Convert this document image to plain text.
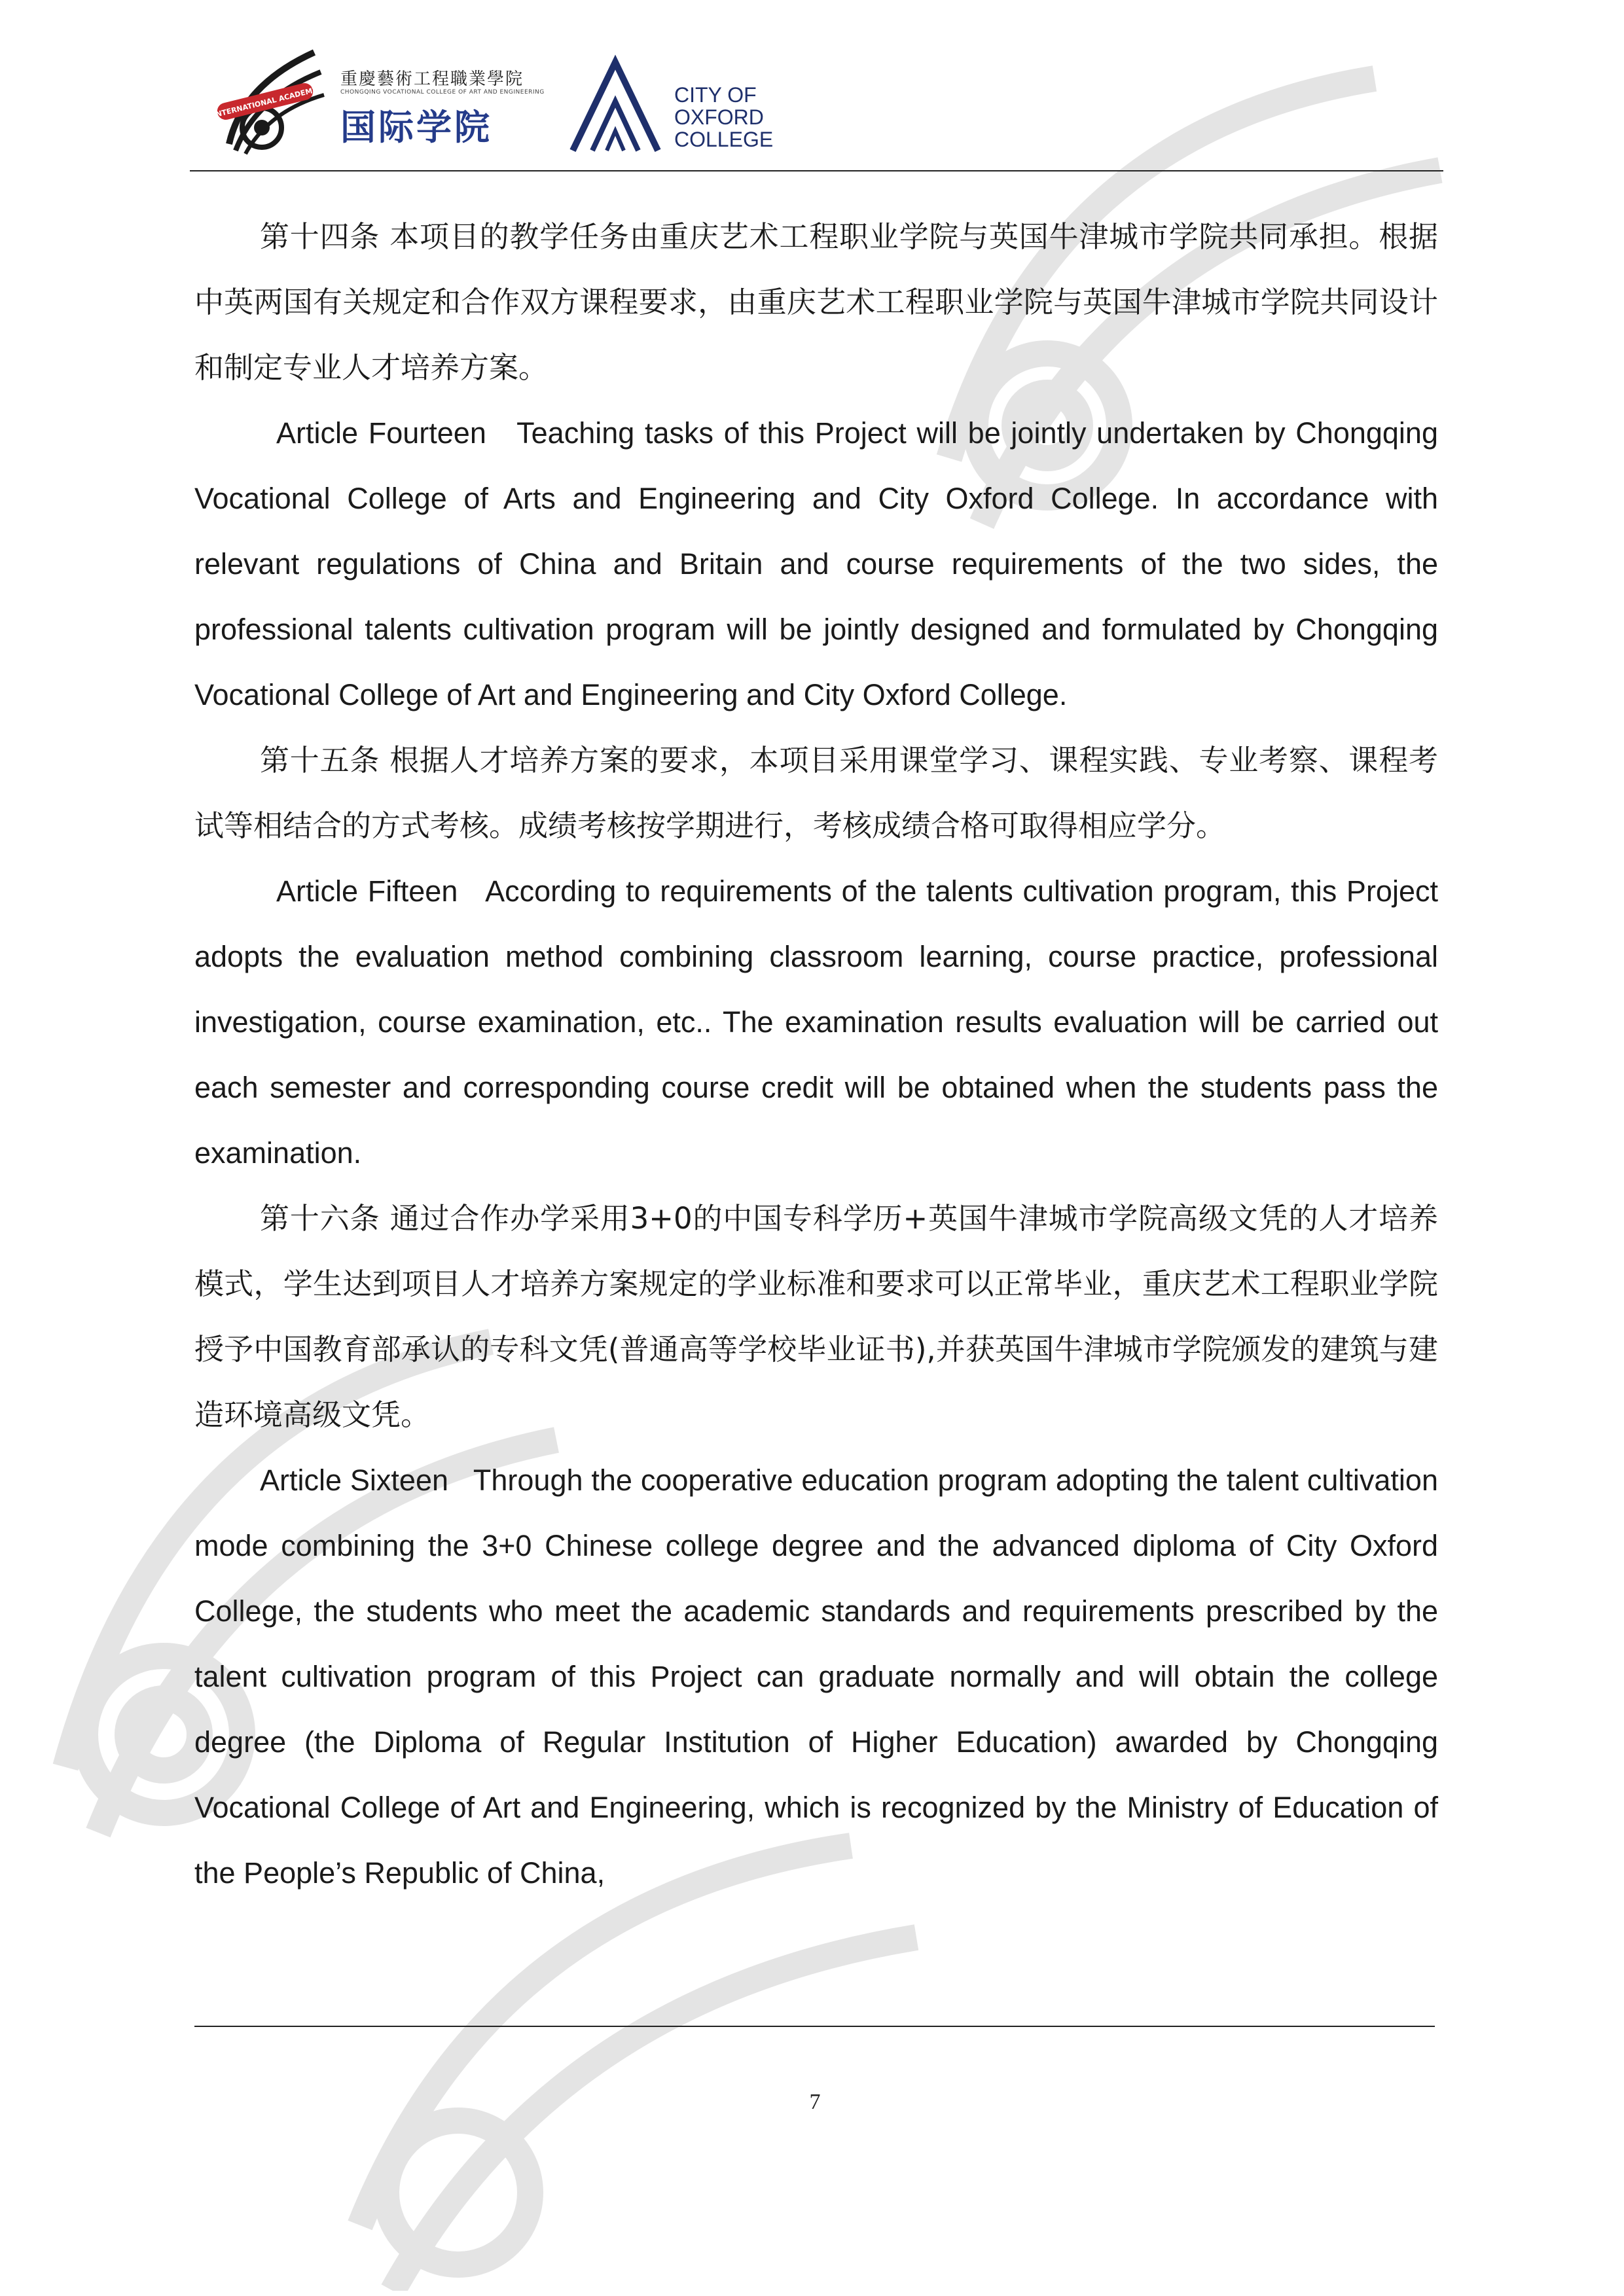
INTERNATIONAL ACADEMY
重慶藝術工程職業學院
CHONGQING VOCATIONAL COLLEGE OF ART AND ENGINEERING
国际学院
CITY OF
OXFORD
COLLEGE

第十四条 本项目的教学任务由重庆艺术工程职业学院与英国牛津城市学院共同承担。根据中英两国有关规定和合作双方课程要求，由重庆艺术工程职业学院与英国牛津城市学院共同设计和制定专业人才培养方案。

Article Fourteen Teaching tasks of this Project will be jointly undertaken by Chongqing Vocational College of Arts and Engineering and City Oxford College. In accordance with relevant regulations of China and Britain and course requirements of the two sides, the professional talents cultivation program will be jointly designed and formulated by Chongqing Vocational College of Art and Engineering and City Oxford College.

第十五条 根据人才培养方案的要求，本项目采用课堂学习、课程实践、专业考察、课程考试等相结合的方式考核。成绩考核按学期进行，考核成绩合格可取得相应学分。

Article Fifteen According to requirements of the talents cultivation program, this Project adopts the evaluation method combining classroom learning, course practice, professional investigation, course examination, etc.. The examination results evaluation will be carried out each semester and corresponding course credit will be obtained when the students pass the examination.

第十六条 通过合作办学采用3+0的中国专科学历+英国牛津城市学院高级文凭的人才培养模式，学生达到项目人才培养方案规定的学业标准和要求可以正常毕业，重庆艺术工程职业学院授予中国教育部承认的专科文凭(普通高等学校毕业证书),并获英国牛津城市学院颁发的建筑与建造环境高级文凭。

Article Sixteen Through the cooperative education program adopting the talent cultivation mode combining the 3+0 Chinese college degree and the advanced diploma of City Oxford College, the students who meet the academic standards and requirements prescribed by the talent cultivation program of this Project can graduate normally and will obtain the college degree (the Diploma of Regular Institution of Higher Education) awarded by Chongqing Vocational College of Art and Engineering, which is recognized by the Ministry of Education of the People’s Republic of China,

7
